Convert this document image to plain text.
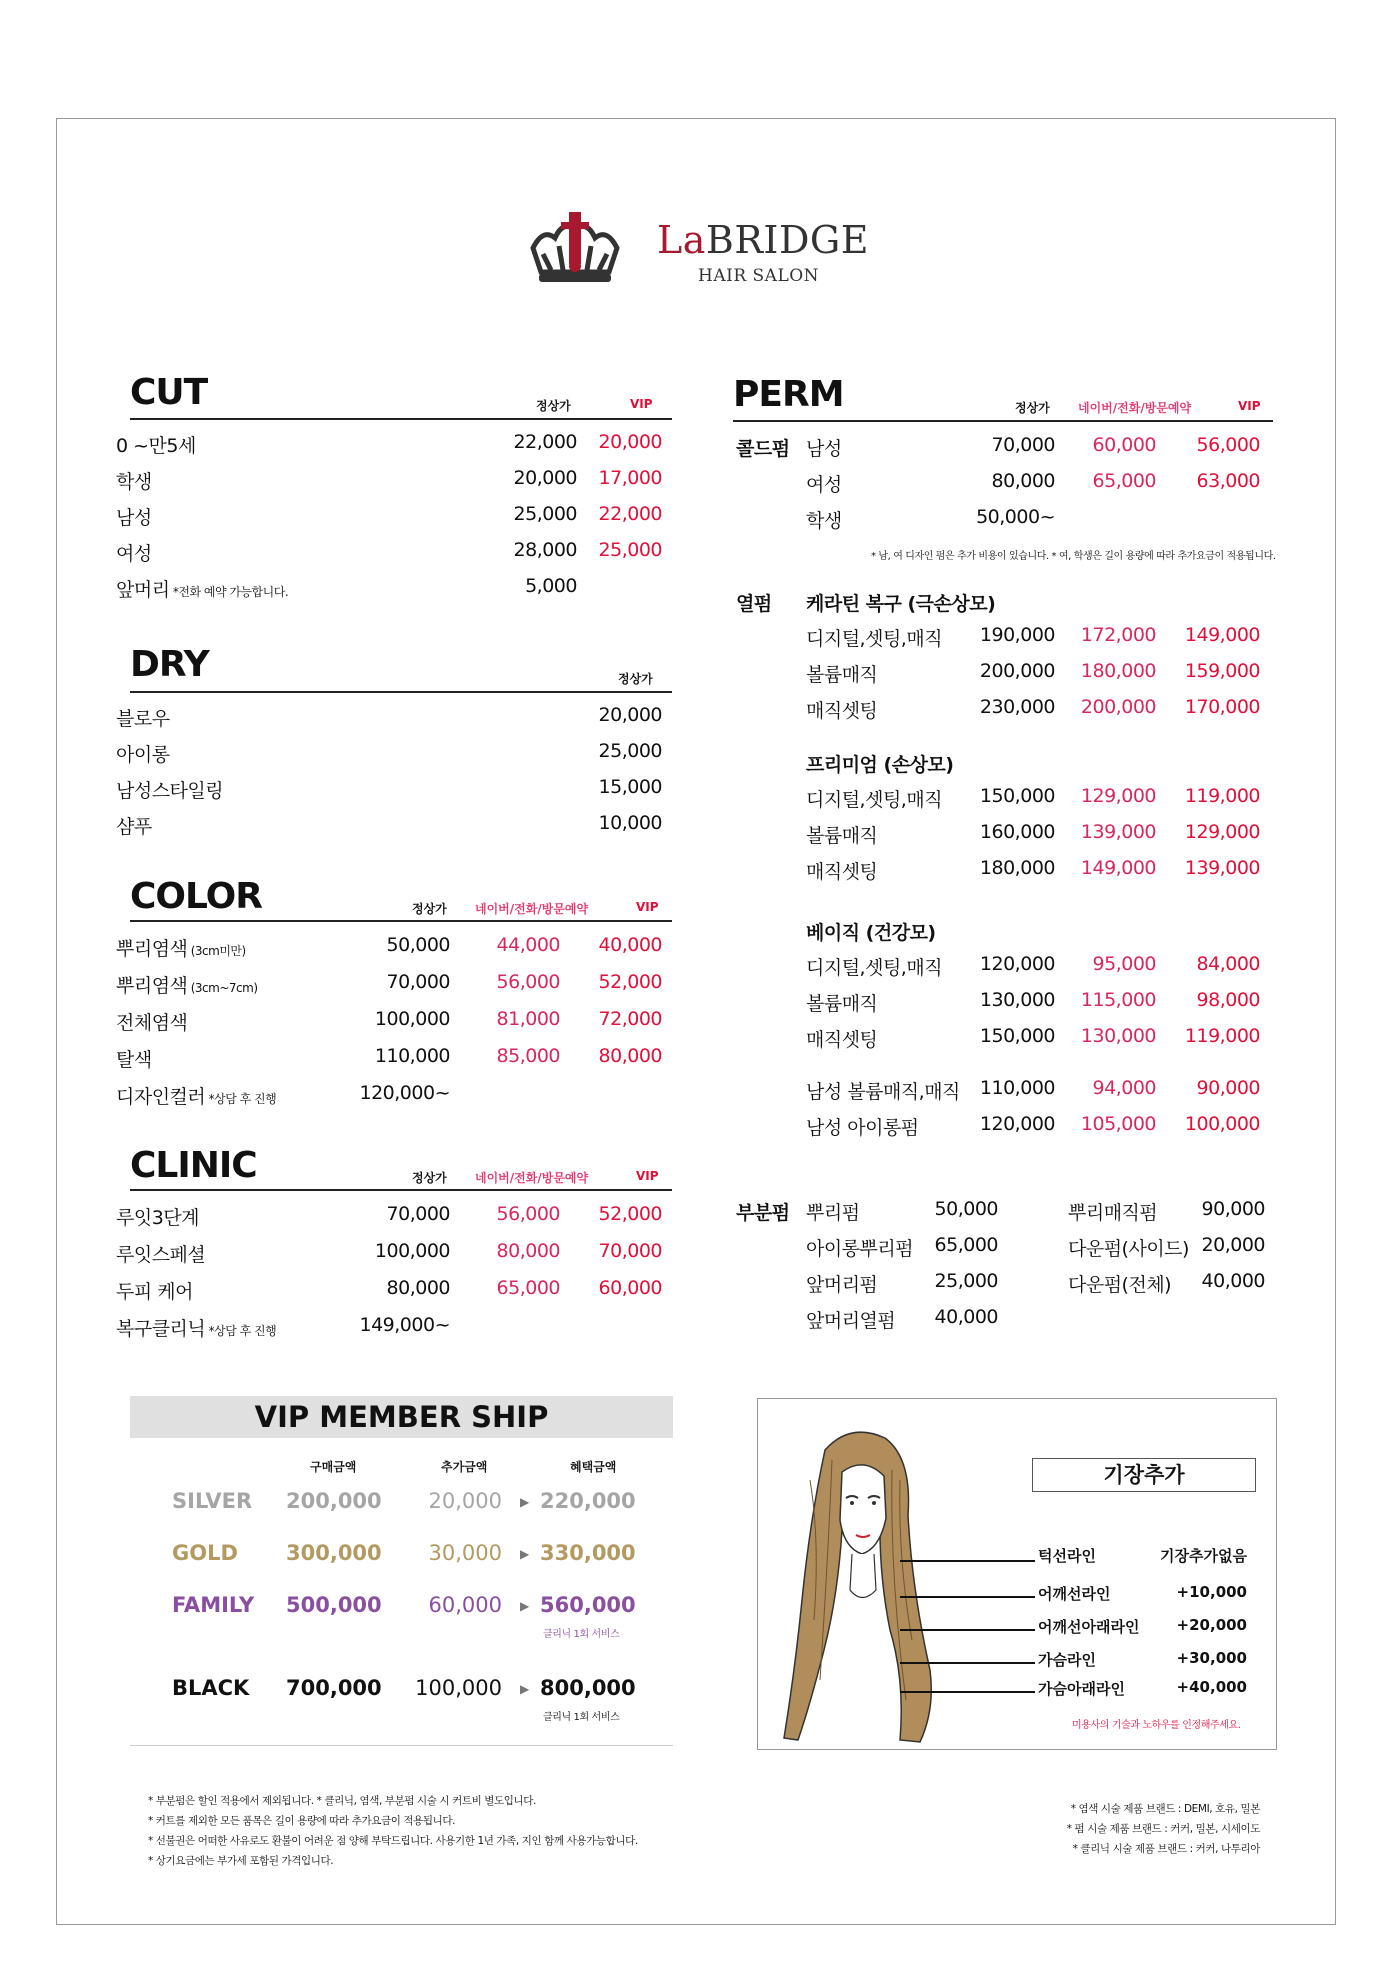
LaBRIDGE
HAIR SALON
CUT	정상가	VIP
0 ~만5세	22,000	20,000
학생	20,000	17,000
남성	25,000	22,000
여성	28,000	25,000
앞머리 *전화 예약 가능합니다.	5,000
DRY	정상가
블로우	20,000
아이롱	25,000
남성스타일링	15,000
샴푸	10,000
COLOR	정상가 네이버/전화/방문예약	VIP
뿌리염색 (3cm미만)	50,000	44,000	40,000
뿌리염색 (3cm~7cm)	70,000	56,000	52,000
전체염색	100,000	81,000	72,000
탈색	110,000	85,000	80,000
디자인컬러 *상담 후 진행	120,000~
CLINIC	정상가 네이버/전화/방문예약	VIP
루잇3단계	70,000	56,000	52,000
루잇스페셜	100,000	80,000	70,000
두피 케어	80,000	65,000	60,000
복구클리닉 *상담 후 진행	149,000~
PERM	정상가 네이버/전화/방문예약	VIP
콜드펌 남성	70,000	60,000	56,000
여성	80,000	65,000	63,000
학생	50,000~
* 남, 여 디자인 펌은 추가 비용이 있습니다. * 여, 학생은 길이 용량에 따라 추가요금이 적용됩니다.
열펌 케라틴 복구 (극손상모)
디지털,셋팅,매직	190,000	172,000	149,000
볼륨매직	200,000	180,000	159,000
매직셋팅	230,000	200,000	170,000
프리미엄 (손상모)
디지털,셋팅,매직	150,000	129,000	119,000
볼륨매직	160,000	139,000	129,000
매직셋팅	180,000	149,000	139,000
베이직 (건강모)
디지털,셋팅,매직	120,000	95,000	84,000
볼륨매직	130,000	115,000	98,000
매직셋팅	150,000	130,000	119,000
남성 볼륨매직,매직	110,000	94,000	90,000
남성 아이롱펌	120,000	105,000	100,000
부분펌 뿌리펌	50,000
아이롱뿌리펌	65,000
앞머리펌	25,000
앞머리열펌	40,000
뿌리매직펌	90,000
다운펌(사이드) 20,000
다운펌(전체)	40,000
VIP MEMBER SHIP
구매금액	추가금액	혜택금액
SILVER 200,000	20,000 ▶ 220,000
GOLD 300,000	30,000 ▶ 330,000
FAMILY 500,000	60,000 ▶ 560,000
클리닉 1회 서비스
BLACK 700,000	100,000 ▶ 800,000
클리닉 1회 서비스
기장추가
턱선라인	기장추가없음
어깨선라인	+10,000
어깨선아래라인	+20,000
가슴라인	+30,000
가슴아래라인	+40,000
미용사의 기술과 노하우를 인정해주세요.
* 부분펌은 할인 적용에서 제외됩니다. * 클리닉, 염색, 부분펌 시술 시 커트비 별도입니다.
* 커트를 제외한 모든 품목은 길이 용량에 따라 추가요금이 적용됩니다.
* 선불권은 어떠한 사유로도 환불이 어려운 점 양해 부탁드립니다. 사용기한 1년 가족, 지인 함께 사용가능합니다.
* 상기요금에는 부가세 포함된 가격입니다.
* 염색 시술 제품 브랜드 : DEMI, 호유, 밀본
* 펌 시술 제품 브랜드 : 커커, 밀본, 시세이도
* 클리닉 시술 제품 브랜드 : 커커, 나투리아
